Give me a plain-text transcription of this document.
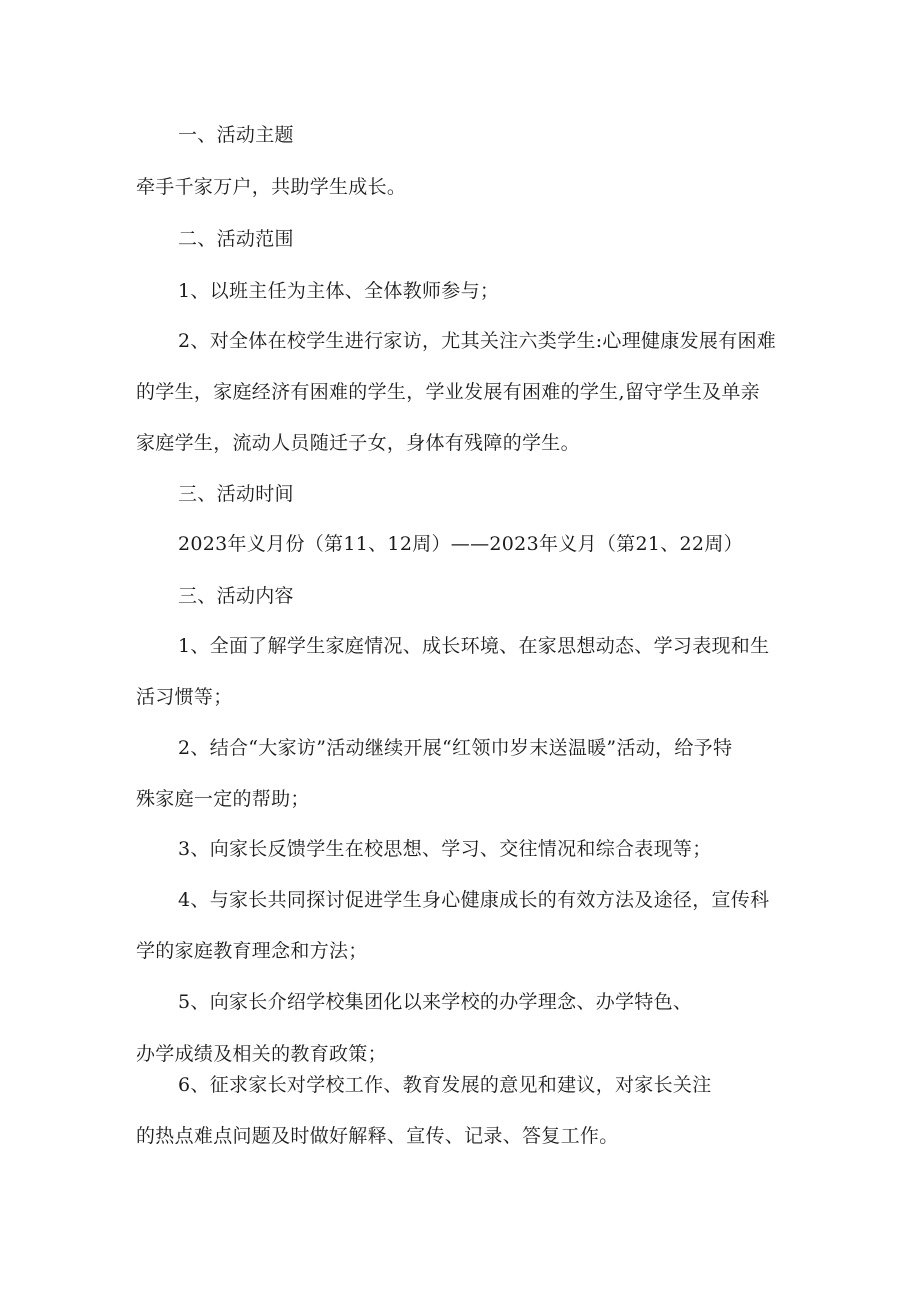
一、活动主题
牵手千家万户，共助学生成长。
二、活动范围
1、以班主任为主体、全体教师参与；
2、对全体在校学生进行家访，尤其关注六类学生:心理健康发展有困难
的学生，家庭经济有困难的学生，学业发展有困难的学生,留守学生及单亲
家庭学生，流动人员随迁子女，身体有残障的学生。
三、活动时间
2023年义月份（第11、12周）——2023年义月（第21、22周）
三、活动内容
1、全面了解学生家庭情况、成长环境、在家思想动态、学习表现和生
活习惯等；
2、结合“大家访”活动继续开展“红领巾岁末送温暖”活动，给予特
殊家庭一定的帮助；
3、向家长反馈学生在校思想、学习、交往情况和综合表现等；
4、与家长共同探讨促进学生身心健康成长的有效方法及途径，宣传科
学的家庭教育理念和方法；
5、向家长介绍学校集团化以来学校的办学理念、办学特色、
办学成绩及相关的教育政策；
6、征求家长对学校工作、教育发展的意见和建议，对家长关注
的热点难点问题及时做好解释、宣传、记录、答复工作。
